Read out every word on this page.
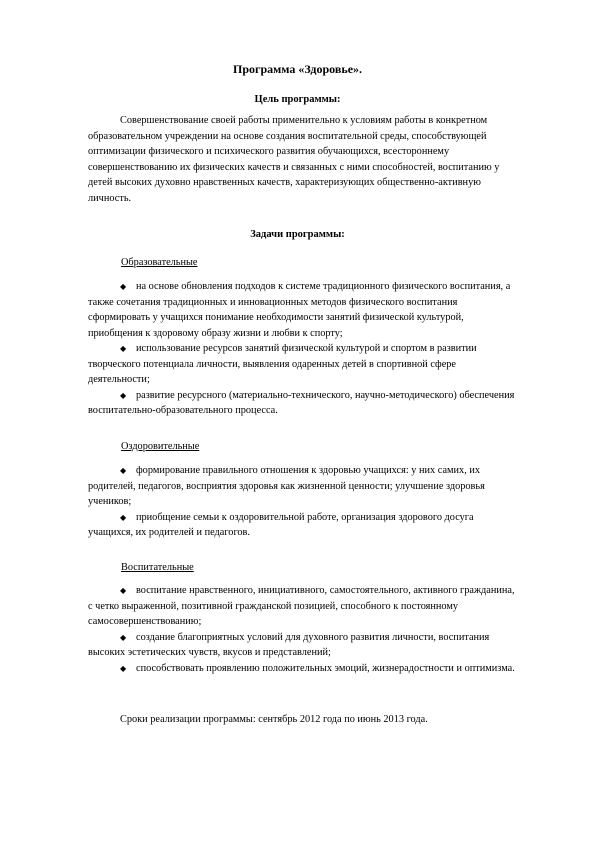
Программа «Здоровье».
Цель программы:

Совершенствование своей работы применительно к условиям работы в конкретном образовательном учреждении на основе создания воспитательной среды, способствующей оптимизации физического и психического развития обучающихся, всестороннему совершенствованию их физических качеств и связанных с ними способностей, воспитанию у детей высоких духовно нравственных качеств, характеризующих общественно-активную личность.

Задачи программы:
Образовательные

◆ на основе обновления подходов к системе традиционного физического воспитания, а также сочетания традиционных и инновационных методов физического воспитания сформировать у учащихся понимание необходимости занятий физической культурой, приобщения к здоровому образу жизни и любви к спорту;

◆ использование ресурсов занятий физической культурой и спортом в развитии творческого потенциала личности, выявления одаренных детей в спортивной сфере деятельности;

◆ развитие ресурсного (материально-технического, научно-методического) обеспечения воспитательно-образовательного процесса.

Оздоровительные

◆ формирование правильного отношения к здоровью учащихся: у них самих, их родителей, педагогов, восприятия здоровья как жизненной ценности; улучшение здоровья учеников;

◆ приобщение семьи к оздоровительной работе, организация здорового досуга учащихся, их родителей и педагогов.

Воспитательные

◆ воспитание нравственного, инициативного, самостоятельного, активного гражданина, с четко выраженной, позитивной гражданской позицией, способного к постоянному самосовершенствованию;

◆ создание благоприятных условий для духовного развития личности, воспитания высоких эстетических чувств, вкусов и представлений;

◆ способствовать проявлению положительных эмоций, жизнерадостности и оптимизма.

Сроки реализации программы: сентябрь 2012 года по июнь 2013 года.
